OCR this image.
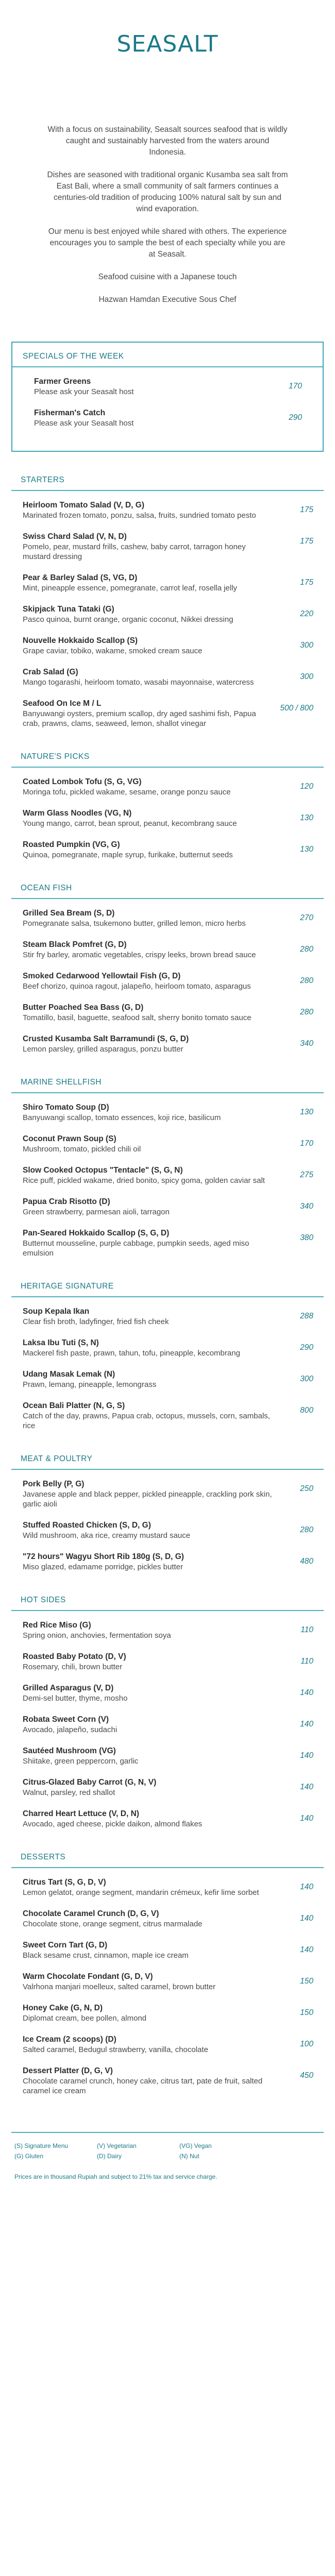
SEASALT

With a focus on sustainability, Seasalt sources seafood that is wildly caught and sustainably harvested from the waters around Indonesia.

Dishes are seasoned with traditional organic Kusamba sea salt from East Bali, where a small community of salt farmers continues a centuries-old tradition of producing 100% natural salt by sun and wind evaporation.

Our menu is best enjoyed while shared with others. The experience encourages you to sample the best of each specialty while you are at Seasalt.

Seafood cuisine with a Japanese touch

Hazwan Hamdan Executive Sous Chef

SPECIALS OF THE WEEK
Farmer Greens
Please ask your Seasalt host
170
Fisherman's Catch
Please ask your Seasalt host
290
STARTERS
Heirloom Tomato Salad (V, D, G)
Marinated frozen tomato, ponzu, salsa, fruits, sundried tomato pesto
175
Swiss Chard Salad (V, N, D)
Pomelo, pear, mustard frills, cashew, baby carrot, tarragon honey mustard dressing
175
Pear & Barley Salad (S, VG, D)
Mint, pineapple essence, pomegranate, carrot leaf, rosella jelly
175
Skipjack Tuna Tataki (G)
Pasco quinoa, burnt orange, organic coconut, Nikkei dressing
220
Nouvelle Hokkaido Scallop (S)
Grape caviar, tobiko, wakame, smoked cream sauce
300
Crab Salad (G)
Mango togarashi, heirloom tomato, wasabi mayonnaise, watercress
300
Seafood On Ice M / L
Banyuwangi oysters, premium scallop, dry aged sashimi fish, Papua crab, prawns, clams, seaweed, lemon, shallot vinegar
500 / 800
NATURE'S PICKS
Coated Lombok Tofu (S, G, VG)
Moringa tofu, pickled wakame, sesame, orange ponzu sauce
120
Warm Glass Noodles (VG, N)
Young mango, carrot, bean sprout, peanut, kecombrang sauce
130
Roasted Pumpkin (VG, G)
Quinoa, pomegranate, maple syrup, furikake, butternut seeds
130
OCEAN FISH
Grilled Sea Bream (S, D)
Pomegranate salsa, tsukemono butter, grilled lemon, micro herbs
270
Steam Black Pomfret (G, D)
Stir fry barley, aromatic vegetables, crispy leeks, brown bread sauce
280
Smoked Cedarwood Yellowtail Fish (G, D)
Beef chorizo, quinoa ragout, jalapeño, heirloom tomato, asparagus
280
Butter Poached Sea Bass (G, D)
Tomatillo, basil, baguette, seafood salt, sherry bonito tomato sauce
280
Crusted Kusamba Salt Barramundi (S, G, D)
Lemon parsley, grilled asparagus, ponzu butter
340
MARINE SHELLFISH
Shiro Tomato Soup (D)
Banyuwangi scallop, tomato essences, koji rice, basilicum
130
Coconut Prawn Soup (S)
Mushroom, tomato, pickled chili oil
170
Slow Cooked Octopus "Tentacle" (S, G, N)
Rice puff, pickled wakame, dried bonito, spicy goma, golden caviar salt
275
Papua Crab Risotto (D)
Green strawberry, parmesan aioli, tarragon
340
Pan-Seared Hokkaido Scallop (S, G, D)
Butternut mousseline, purple cabbage, pumpkin seeds, aged miso emulsion
380
HERITAGE SIGNATURE
Soup Kepala Ikan
Clear fish broth, ladyfinger, fried fish cheek
288
Laksa Ibu Tuti (S, N)
Mackerel fish paste, prawn, tahun, tofu, pineapple, kecombrang
290
Udang Masak Lemak (N)
Prawn, lemang, pineapple, lemongrass
300
Ocean Bali Platter (N, G, S)
Catch of the day, prawns, Papua crab, octopus, mussels, corn, sambals, rice
800
MEAT & POULTRY
Pork Belly (P, G)
Javanese apple and black pepper, pickled pineapple, crackling pork skin, garlic aioli
250
Stuffed Roasted Chicken (S, D, G)
Wild mushroom, aka rice, creamy mustard sauce
280
"72 hours" Wagyu Short Rib 180g (S, D, G)
Miso glazed, edamame porridge, pickles butter
480
HOT SIDES
Red Rice Miso (G)
Spring onion, anchovies, fermentation soya
110
Roasted Baby Potato (D, V)
Rosemary, chili, brown butter
110
Grilled Asparagus (V, D)
Demi-sel butter, thyme, mosho
140
Robata Sweet Corn (V)
Avocado, jalapeño, sudachi
140
Sautéed Mushroom (VG)
Shiitake, green peppercorn, garlic
140
Citrus-Glazed Baby Carrot (G, N, V)
Walnut, parsley, red shallot
140
Charred Heart Lettuce (V, D, N)
Avocado, aged cheese, pickle daikon, almond flakes
140
DESSERTS
Citrus Tart (S, G, D, V)
Lemon gelatot, orange segment, mandarin crémeux, kefir lime sorbet
140
Chocolate Caramel Crunch (D, G, V)
Chocolate stone, orange segment, citrus marmalade
140
Sweet Corn Tart (G, D)
Black sesame crust, cinnamon, maple ice cream
140
Warm Chocolate Fondant (G, D, V)
Valrhona manjari moelleux, salted caramel, brown butter
150
Honey Cake (G, N, D)
Diplomat cream, bee pollen, almond
150
Ice Cream (2 scoops) (D)
Salted caramel, Bedugul strawberry, vanilla, chocolate
100
Dessert Platter (D, G, V)
Chocolate caramel crunch, honey cake, citrus tart, pate de fruit, salted caramel ice cream
450
(S) Signature Menu	(V) Vegetarian	(VG) Vegan
(G) Gluten	(D) Dairy	(N) Nut
Prices are in thousand Rupiah and subject to 21% tax and service charge.
